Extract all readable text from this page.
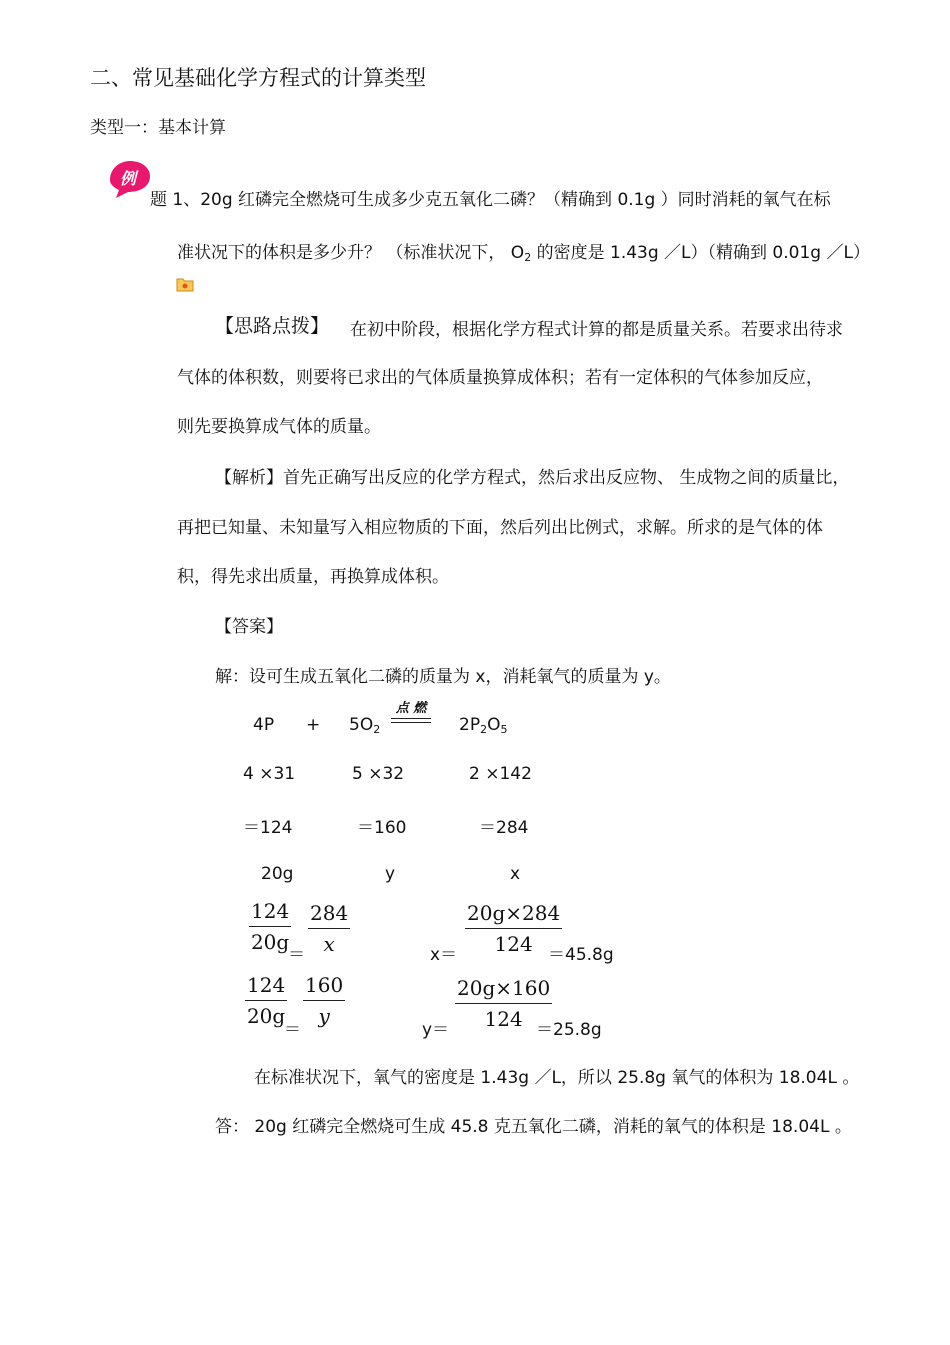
二、常见基础化学方程式的计算类型
类型一：基本计算
例
题 1、20g 红磷完全燃烧可生成多少克五氧化二磷？（精确到 0.1g ）同时消耗的氧气在标
准状况下的体积是多少升？ （标准状况下， $O_2$ 的密度是 1.43g ／L）（精确到 0.01g ／L）
【思路点拨】 在初中阶段，根据化学方程式计算的都是质量关系。若要求出待求
气体的体积数，则要将已求出的气体质量换算成体积；若有一定体积的气体参加反应，
则先要换算成气体的质量。
【解析】首先正确写出反应的化学方程式，然后求出反应物、 生成物之间的质量比，
再把已知量、未知量写入相应物质的下面，然后列出比例式，求解。所求的是气体的体
积，得先求出质量，再换算成体积。
【答案】
解：设可生成五氧化二磷的质量为 x，消耗氧气的质量为 y。
$4P + 5O_2$
点 燃
$2P_2O_5$
4 ×31	5 ×32	2 ×142
＝124	＝160	＝284
20g	y	x
$\frac{124}{20g}$
＝ $\frac{284}{x}$	$x= \frac{20g\times 284}{124}$
＝45.8g
$\frac{124}{20g}$
＝
$\frac{160}{y}$
$y= \frac{20g\times 160}{124}$
＝25.8g
在标准状况下，氧气的密度是 1.43g ／L，所以 25.8g 氧气的体积为 18.04L 。
答： 20g 红磷完全燃烧可生成 45.8 克五氧化二磷，消耗的氧气的体积是 18.04L 。
